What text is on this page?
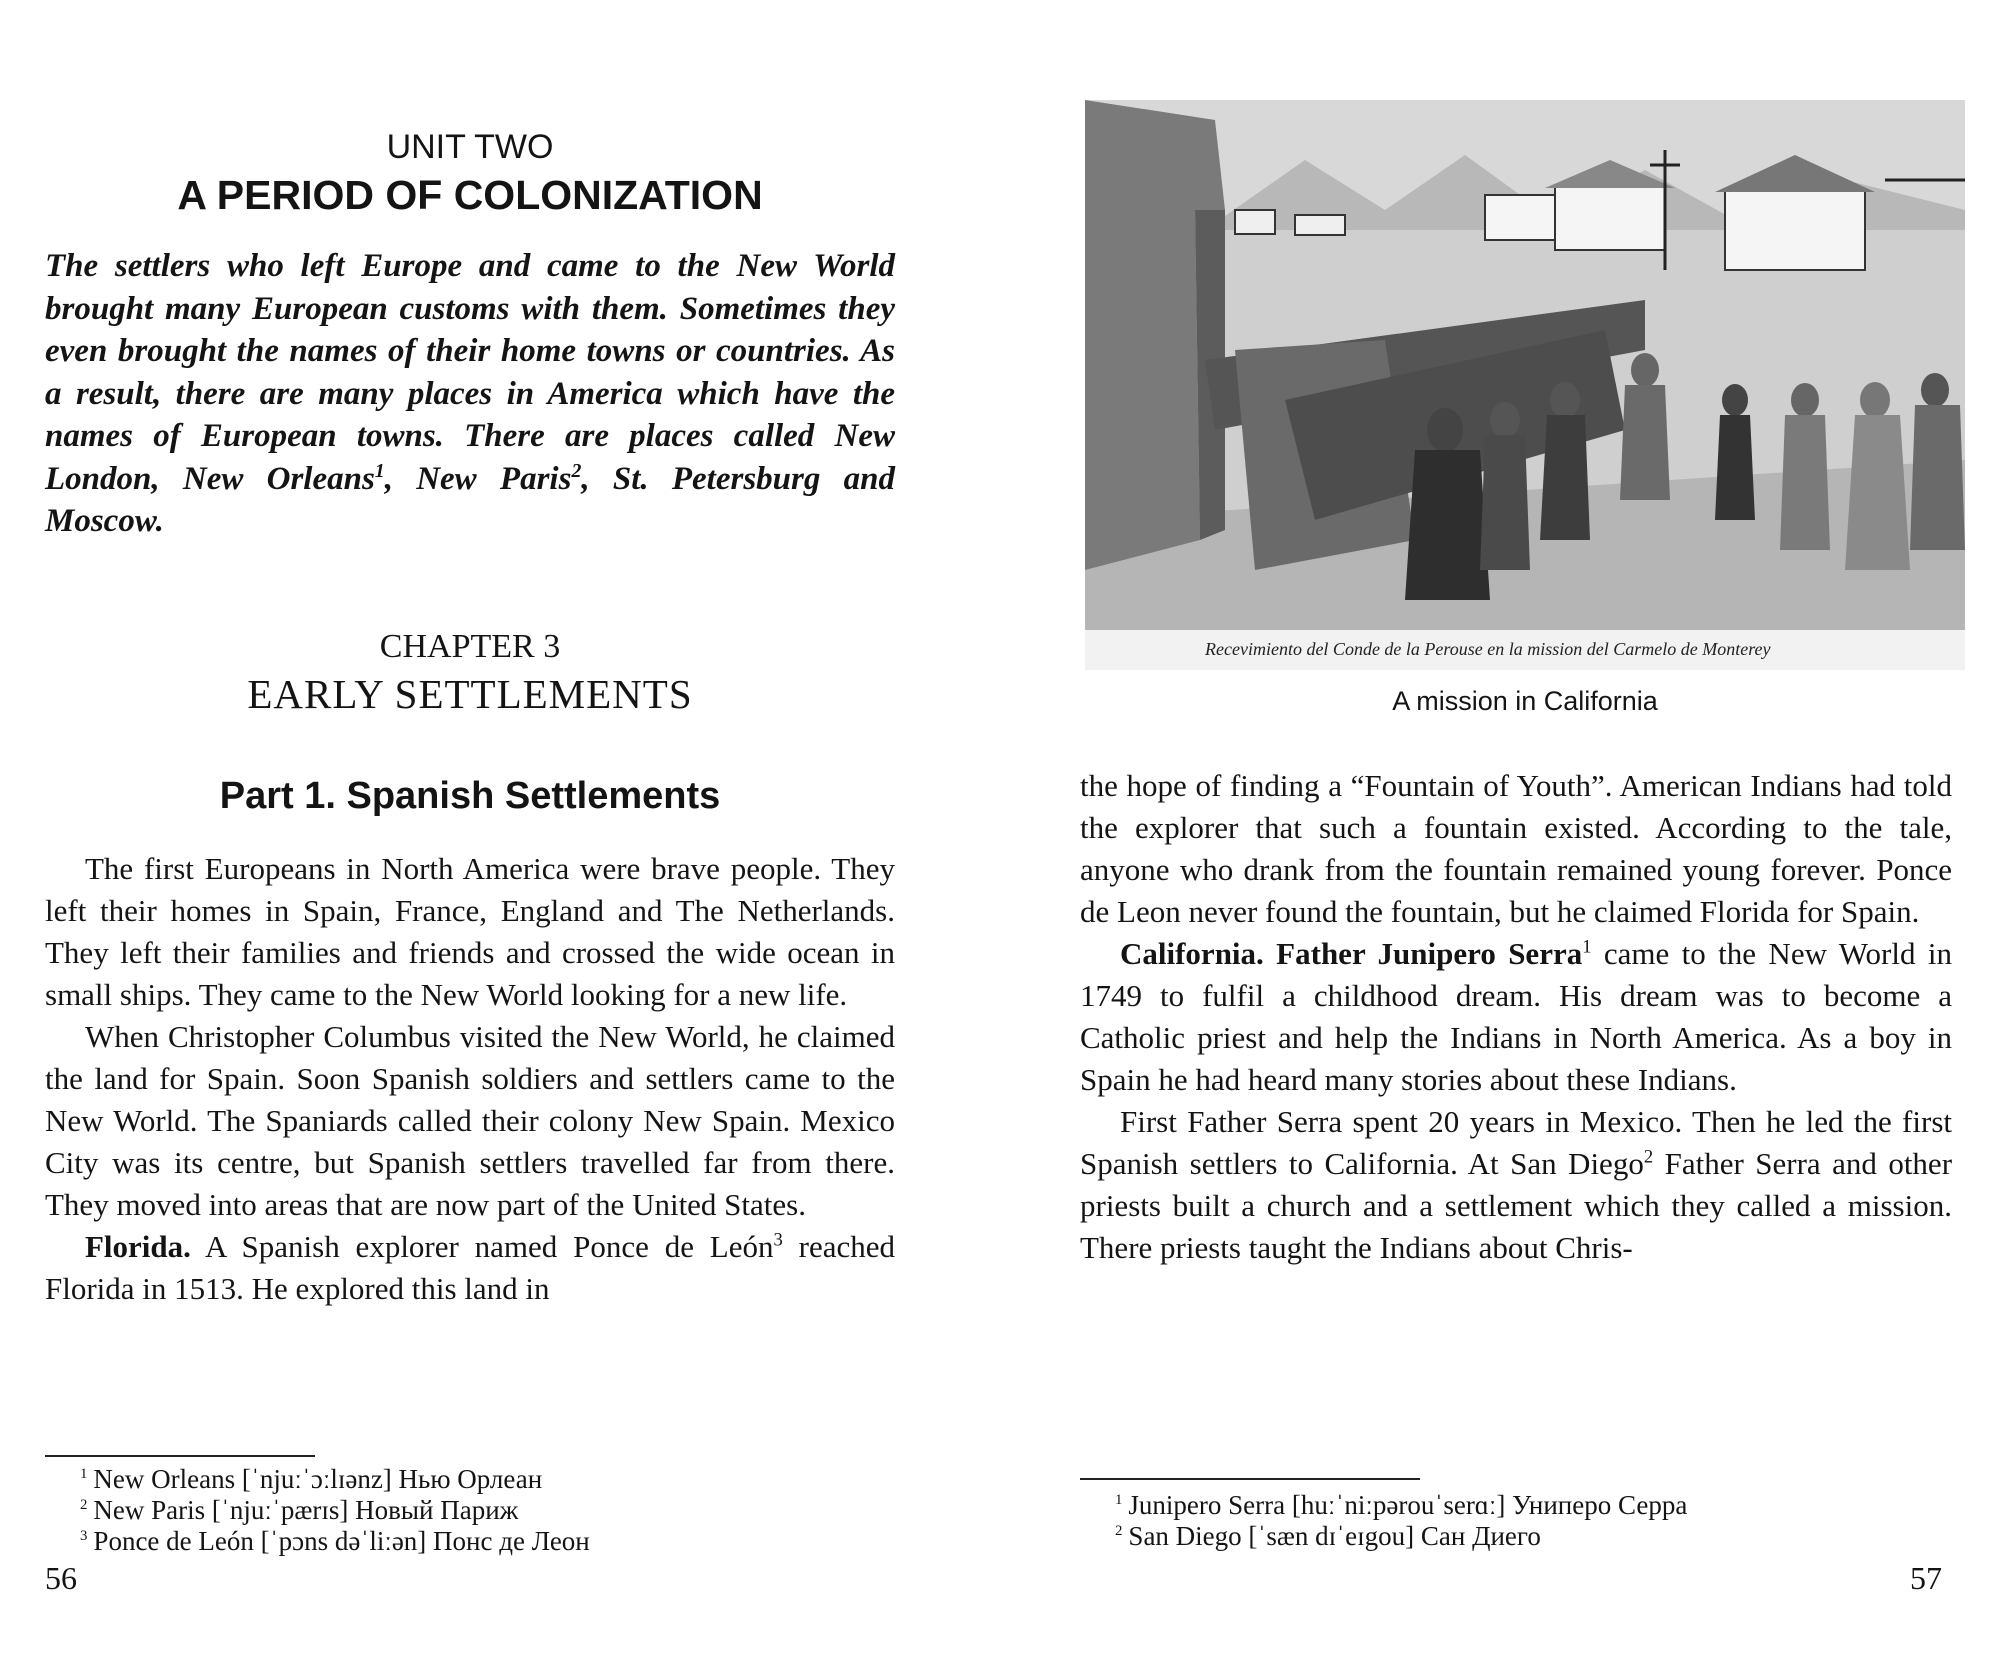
UNIT TWO
A PERIOD OF COLONIZATION

The settlers who left Europe and came to the New World brought many European customs with them. Sometimes they even brought the names of their home towns or countries. As a result, there are many places in America which have the names of European towns. There are places called New London, New Orleans$^1$, New Paris$^2$, St. Petersburg and Moscow.

CHAPTER 3
EARLY SETTLEMENTS
Part 1. Spanish Settlements

The first Europeans in North America were brave people. They left their homes in Spain, France, England and The Netherlands. They left their families and friends and crossed the wide ocean in small ships. They came to the New World looking for a new life.

When Christopher Columbus visited the New World, he claimed the land for Spain. Soon Spanish soldiers and settlers came to the New World. The Spaniards called their colony New Spain. Mexico City was its centre, but Spanish settlers travelled far from there. They moved into areas that are now part of the United States.

Florida. A Spanish explorer named Ponce de León$^3$ reached Florida in 1513. He explored this land in

$^1$ New Orleans [ˈnjuːˈɔːlɪənz] Нью Орлеан
$^2$ New Paris [ˈnjuːˈpærɪs] Новый Париж
$^3$ Ponce de León [ˈpɔns dəˈliːən] Понс де Леон
56
Recevimiento del Conde de la Perouse en la mission del Carmelo de Monterey
A mission in California

the hope of finding a “Fountain of Youth”. American Indians had told the explorer that such a fountain existed. According to the tale, anyone who drank from the fountain remained young forever. Ponce de Leon never found the fountain, but he claimed Florida for Spain.

California. Father Junipero Serra$^1$ came to the New World in 1749 to fulfil a childhood dream. His dream was to become a Catholic priest and help the Indians in North America. As a boy in Spain he had heard many stories about these Indians.

First Father Serra spent 20 years in Mexico. Then he led the first Spanish settlers to California. At San Diego$^2$ Father Serra and other priests built a church and a settlement which they called a mission. There priests taught the Indians about Chris-

$^1$ Junipero Serra [huːˈniːpərouˈserɑː] Униперо Серра
$^2$ San Diego [ˈsæn dɪˈeɪgou] Сан Диего
57
